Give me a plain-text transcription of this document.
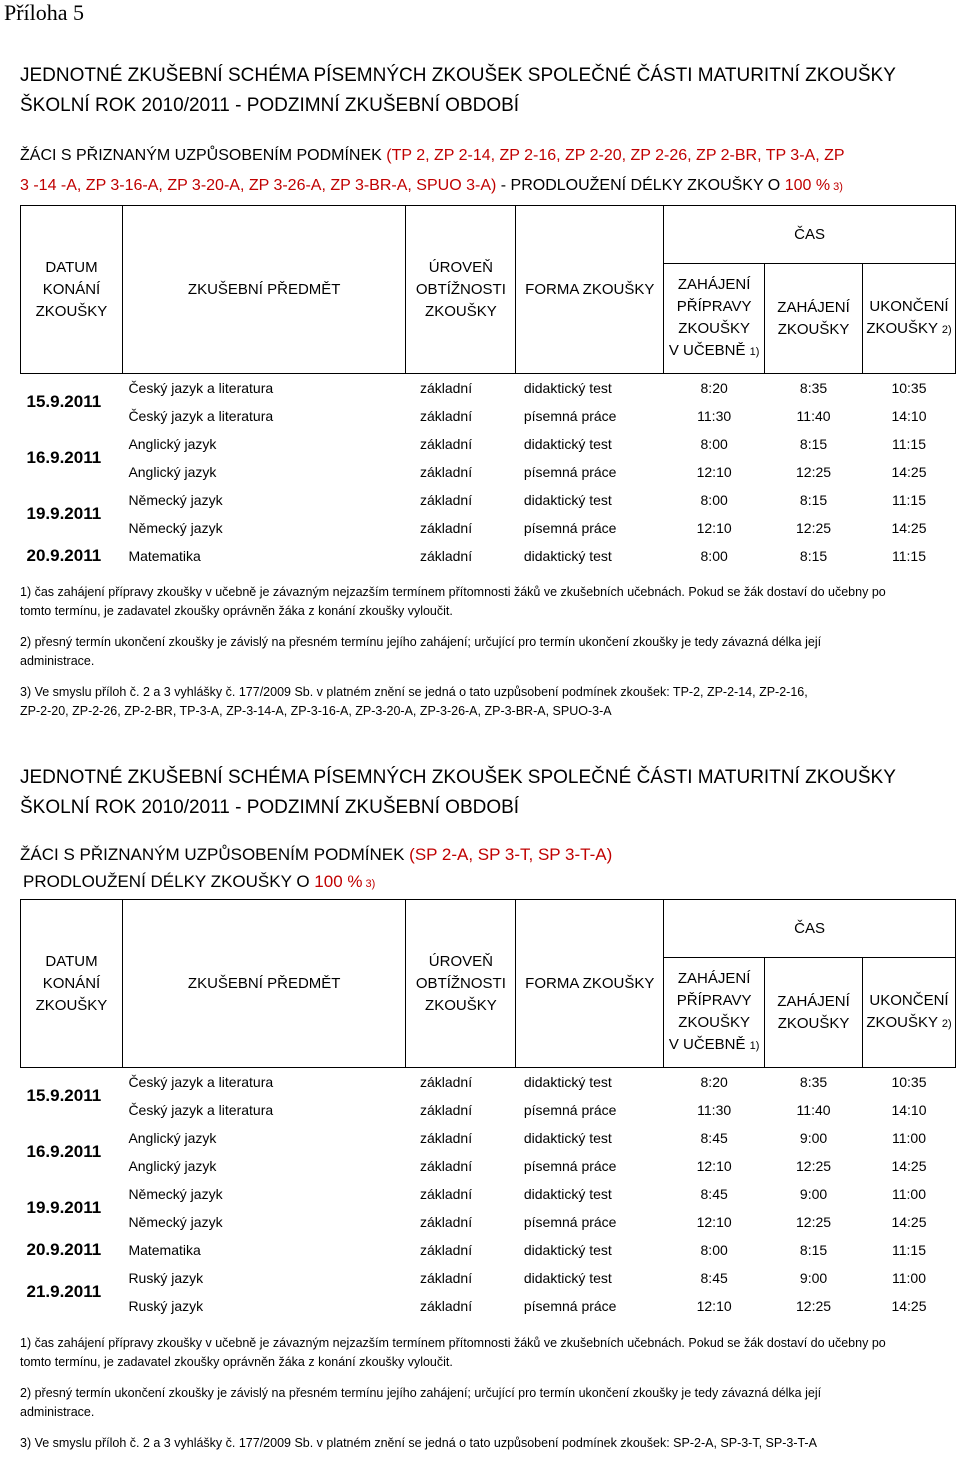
Příloha 5
JEDNOTNÉ ZKUŠEBNÍ SCHÉMA PÍSEMNÝCH ZKOUŠEK SPOLEČNÉ ČÁSTI MATURITNÍ ZKOUŠKY
ŠKOLNÍ ROK 2010/2011 - PODZIMNÍ ZKUŠEBNÍ OBDOBÍ
ŽÁCI S PŘIZNANÝM UZPŮSOBENÍM PODMÍNEK (TP 2, ZP 2-14, ZP 2-16, ZP 2-20, ZP 2-26, ZP 2-BR, TP 3-A, ZP
3 -14 -A, ZP 3-16-A, ZP 3-20-A, ZP 3-26-A, ZP 3-BR-A, SPUO 3-A) - PRODLOUŽENÍ DÉLKY ZKOUŠKY O 100 % 3)
DATUM
KONÁNÍ
ZKOUŠKY	ZKUŠEBNÍ PŘEDMĚT	ÚROVEŇ
OBTÍŽNOSTI
ZKOUŠKY	FORMA ZKOUŠKY	ČAS		
				ZAHÁJENÍ
PŘÍPRAVY
ZKOUŠKY
V UČEBNĚ 1)	ZAHÁJENÍ
ZKOUŠKY	UKONČENÍ
ZKOUŠKY 2)
15.9.2011	Český jazyk a literatura	základní	didaktický test	8:20	8:35	10:35
	Český jazyk a literatura	základní	písemná práce	11:30	11:40	14:10
16.9.2011	Anglický jazyk	základní	didaktický test	8:00	8:15	11:15
	Anglický jazyk	základní	písemná práce	12:10	12:25	14:25
19.9.2011	Německý jazyk	základní	didaktický test	8:00	8:15	11:15
	Německý jazyk	základní	písemná práce	12:10	12:25	14:25
20.9.2011	Matematika	základní	didaktický test	8:00	8:15	11:15

1) čas zahájení přípravy zkoušky v učebně je závazným nejzazším termínem přítomnosti žáků ve zkušebních učebnách. Pokud se žák dostaví do učebny po
tomto termínu, je zadavatel zkoušky oprávněn žáka z konání zkoušky vyloučit.

2) přesný termín ukončení zkoušky je závislý na přesném termínu jejího zahájení; určující pro termín ukončení zkoušky je tedy závazná délka její
administrace.

3) Ve smyslu příloh č. 2 a 3 vyhlášky č. 177/2009 Sb. v platném znění se jedná o tato uzpůsobení podmínek zkoušek: TP-2, ZP-2-14, ZP-2-16,
ZP-2-20, ZP-2-26, ZP-2-BR, TP-3-A, ZP-3-14-A, ZP-3-16-A, ZP-3-20-A, ZP-3-26-A, ZP-3-BR-A, SPUO-3-A

JEDNOTNÉ ZKUŠEBNÍ SCHÉMA PÍSEMNÝCH ZKOUŠEK SPOLEČNÉ ČÁSTI MATURITNÍ ZKOUŠKY
ŠKOLNÍ ROK 2010/2011 - PODZIMNÍ ZKUŠEBNÍ OBDOBÍ
ŽÁCI S PŘIZNANÝM UZPŮSOBENÍM PODMÍNEK (SP 2-A, SP 3-T, SP 3-T-A)
PRODLOUŽENÍ DÉLKY ZKOUŠKY O 100 % 3)
DATUM
KONÁNÍ
ZKOUŠKY	ZKUŠEBNÍ PŘEDMĚT	ÚROVEŇ
OBTÍŽNOSTI
ZKOUŠKY	FORMA ZKOUŠKY	ČAS		
				ZAHÁJENÍ
PŘÍPRAVY
ZKOUŠKY
V UČEBNĚ 1)	ZAHÁJENÍ
ZKOUŠKY	UKONČENÍ
ZKOUŠKY 2)
15.9.2011	Český jazyk a literatura	základní	didaktický test	8:20	8:35	10:35
	Český jazyk a literatura	základní	písemná práce	11:30	11:40	14:10
16.9.2011	Anglický jazyk	základní	didaktický test	8:45	9:00	11:00
	Anglický jazyk	základní	písemná práce	12:10	12:25	14:25
19.9.2011	Německý jazyk	základní	didaktický test	8:45	9:00	11:00
	Německý jazyk	základní	písemná práce	12:10	12:25	14:25
20.9.2011	Matematika	základní	didaktický test	8:00	8:15	11:15
21.9.2011	Ruský jazyk	základní	didaktický test	8:45	9:00	11:00
	Ruský jazyk	základní	písemná práce	12:10	12:25	14:25

1) čas zahájení přípravy zkoušky v učebně je závazným nejzazším termínem přítomnosti žáků ve zkušebních učebnách. Pokud se žák dostaví do učebny po
tomto termínu, je zadavatel zkoušky oprávněn žáka z konání zkoušky vyloučit.

2) přesný termín ukončení zkoušky je závislý na přesném termínu jejího zahájení; určující pro termín ukončení zkoušky je tedy závazná délka její
administrace.

3) Ve smyslu příloh č. 2 a 3 vyhlášky č. 177/2009 Sb. v platném znění se jedná o tato uzpůsobení podmínek zkoušek: SP-2-A, SP-3-T, SP-3-T-A
